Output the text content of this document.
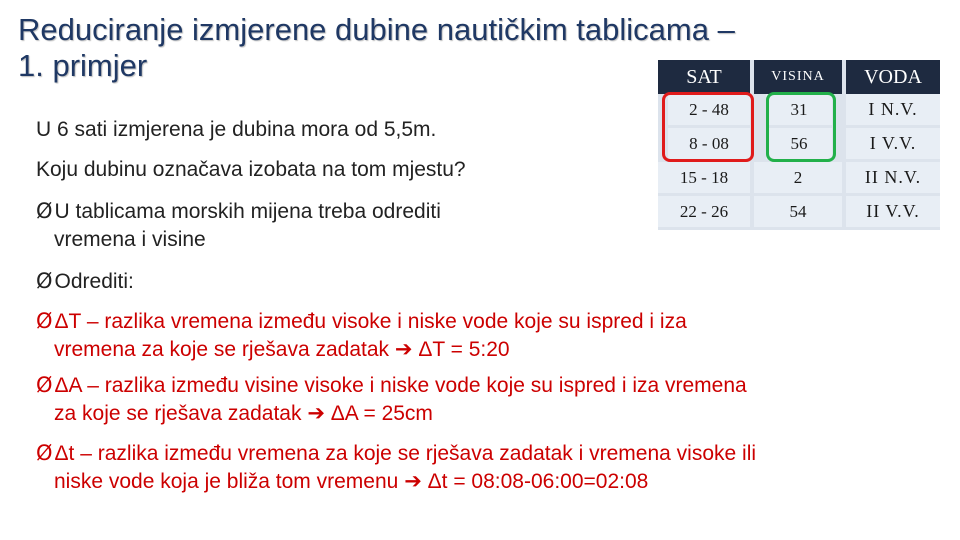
Reduciranje izmjerene dubine nautičkim tablicama –
1. primjer

U 6 sati izmjerena je dubina mora od 5,5m.

Koju dubinu označava izobata na tom mjestu?

ØU tablicama morskih mijena treba odrediti

vremena i visine

ØOdrediti:

ØΔT – razlika vremena između visoke i niske vode koje su ispred i iza

vremena za koje se rješava zadatak ➔ ΔT = 5:20

ØΔA – razlika između visine visoke i niske vode koje su ispred i iza vremena

za koje se rješava zadatak ➔ ΔA = 25cm

ØΔt – razlika između vremena za koje se rješava zadatak i vremena visoke ili

niske vode koja je bliža tom vremenu ➔ Δt = 08:08-06:00=02:08

SAT	VISINA	VODA
2 - 48	31	I N.V.
8 - 08	56	I V.V.
15 - 18	2	II N.V.
22 - 26	54	II V.V.
